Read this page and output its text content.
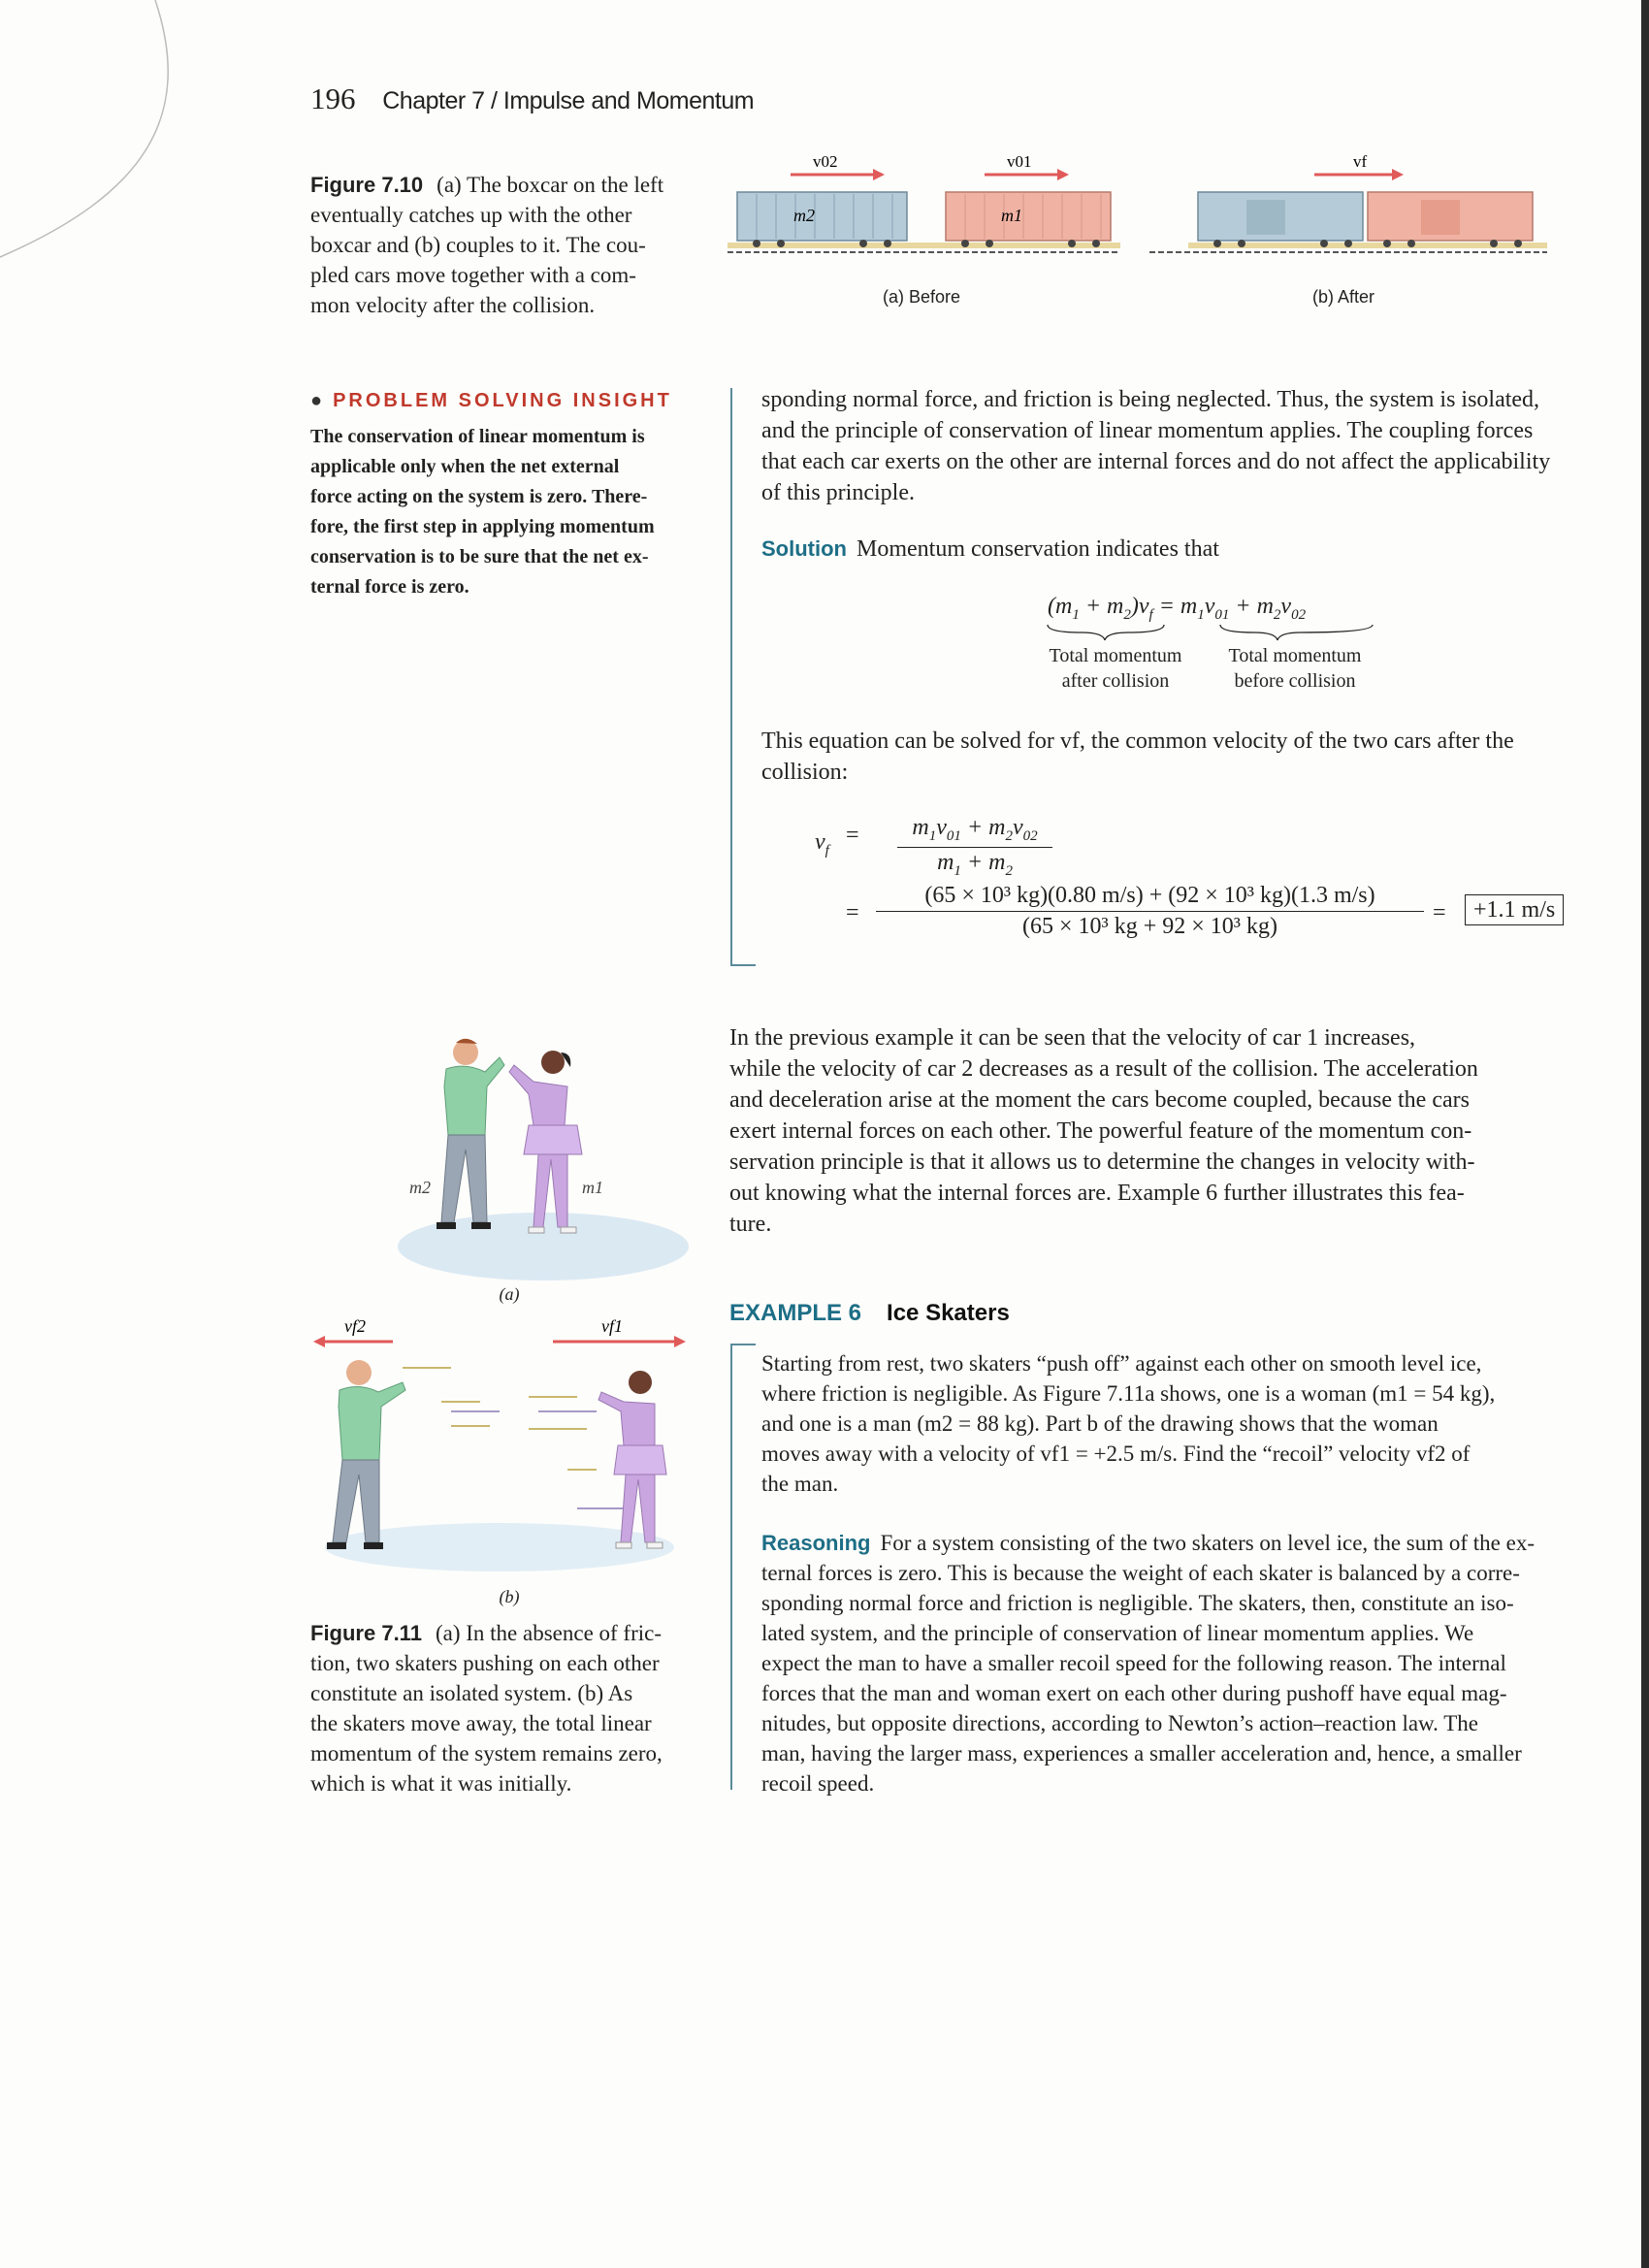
196 Chapter 7 / Impulse and Momentum
Figure 7.10 (a) The boxcar on the left
eventually catches up with the other
boxcar and (b) couples to it. The cou-
pled cars move together with a com-
mon velocity after the collision.
v02
m2
v01
m1
vf
(a) Before	(b) After
● PROBLEM SOLVING INSIGHT
The conservation of linear momentum is
applicable only when the net external
force acting on the system is zero. There-
fore, the first step in applying momentum
conservation is to be sure that the net ex-
ternal force is zero.
sponding normal force, and friction is being neglected. Thus, the system is isolated,
and the principle of conservation of linear momentum applies. The coupling forces
that each car exerts on the other are internal forces and do not affect the applicability
of this principle.
Solution Momentum conservation indicates that
$(m_1 + m_2)v_f = m_1v_{01} + m_2v_{02}$
Total momentum
after collision
Total momentum
before collision
This equation can be solved for vf, the common velocity of the two cars after the
collision:
$v_f$
=	$m_1v_{01} + m_2v_{02}$
$m_1 + m_2$
= $\frac{\text{(65 × 10³ kg)(0.80 m/s) + (92 × 10³ kg)(1.3 m/s)}}{\text{(65 × 10³ kg + 92 × 10³ kg)}}$ =	+1.1 m/s
In the previous example it can be seen that the velocity of car 1 increases,
while the velocity of car 2 decreases as a result of the collision. The acceleration
and deceleration arise at the moment the cars become coupled, because the cars
exert internal forces on each other. The powerful feature of the momentum con-
servation principle is that it allows us to determine the changes in velocity with-
out knowing what the internal forces are. Example 6 further illustrates this fea-
ture.
EXAMPLE 6 Ice Skaters
Starting from rest, two skaters “push off” against each other on smooth level ice,
where friction is negligible. As Figure 7.11a shows, one is a woman (m1 = 54 kg),
and one is a man (m2 = 88 kg). Part b of the drawing shows that the woman
moves away with a velocity of vf1 = +2.5 m/s. Find the “recoil” velocity vf2 of
the man.
Reasoning For a system consisting of the two skaters on level ice, the sum of the ex-
ternal forces is zero. This is because the weight of each skater is balanced by a corre-
sponding normal force and friction is negligible. The skaters, then, constitute an iso-
lated system, and the principle of conservation of linear momentum applies. We
expect the man to have a smaller recoil speed for the following reason. The internal
forces that the man and woman exert on each other during pushoff have equal mag-
nitudes, but opposite directions, according to Newton’s action–reaction law. The
man, having the larger mass, experiences a smaller acceleration and, hence, a smaller
recoil speed.
m2	m1
(a)
vf2	vf1
(b)
Figure 7.11 (a) In the absence of fric-
tion, two skaters pushing on each other
constitute an isolated system. (b) As
the skaters move away, the total linear
momentum of the system remains zero,
which is what it was initially.
